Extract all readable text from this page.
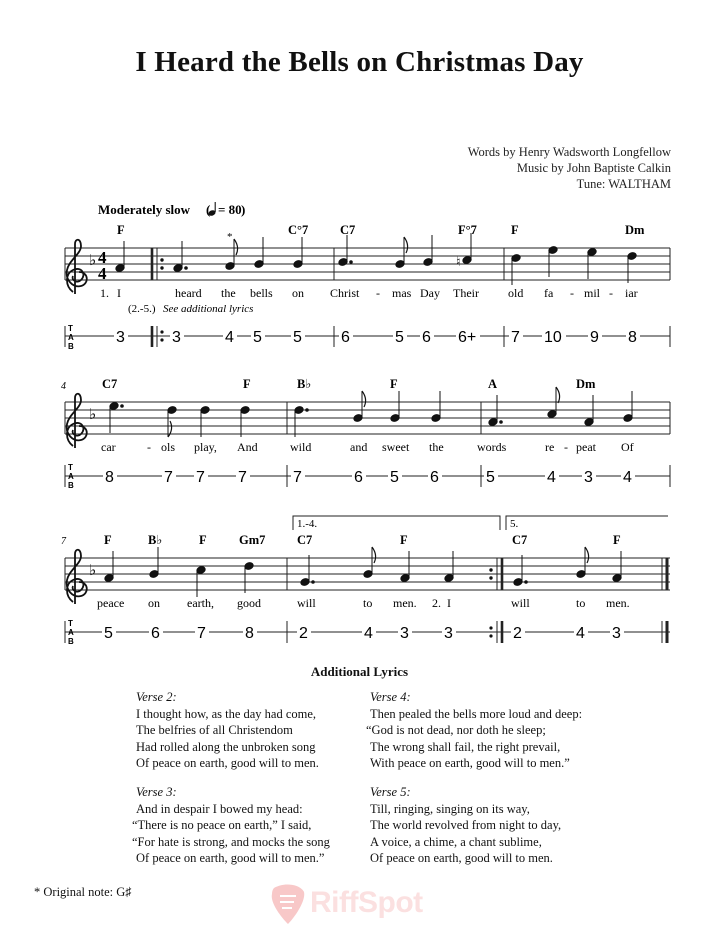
I Heard the Bells on Christmas Day
Words by Henry Wadsworth Longfellow
Music by John Baptiste Calkin
Tune: WALTHAM
Moderately slow ( = 80 )
F	C°7	C7	F°7	F	Dm
*
♭ 4
4
♮
1. I	heard the bells on Christ - mas Day Their old fa - mil - iar
(2.-5.) See additional lyrics
T
A
B
3	3	4 5 5 6	5 6 6+ 7 10 9 8
4	C7	F	B♭	F	A	Dm
♭
car	- ols play, And	wild	and sweet the	words	re - peat Of
T
A
B 8	7 7 7	7	6 5 6	5	4 3 4
7
1.-4.	5.
F	B♭	F	Gm7	C7	F	C7	F
♭
peace on earth, good	will	to men. 2. I	will	to men.
T
A
B 5 6 7 8	2	4 3 3	2	4 3
Additional Lyrics
Verse 2:
I thought how, as the day had come,
The belfries of all Christendom
Had rolled along the unbroken song
Of peace on earth, good will to men.
Verse 3:
And in despair I bowed my head:
“There is no peace on earth,” I said,
“For hate is strong, and mocks the song
Of peace on earth, good will to men.”
Verse 4:
Then pealed the bells more loud and deep:
“God is not dead, nor doth he sleep;
The wrong shall fail, the right prevail,
With peace on earth, good will to men.”
Verse 5:
Till, ringing, singing on its way,
The world revolved from night to day,
A voice, a chime, a chant sublime,
Of peace on earth, good will to men.
* Original note: G♯	RiffSpot
